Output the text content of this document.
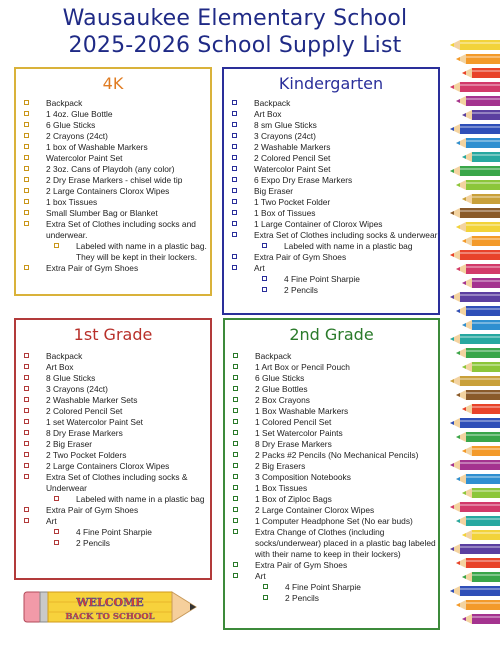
Wausaukee Elementary School
2025-2026 School Supply List
4K
Backpack
1 4oz. Glue Bottle
6 Glue Sticks
2 Crayons (24ct)
1 box of Washable Markers
Watercolor Paint Set
2 3oz. Cans of Playdoh (any color)
2 Dry Erase Markers - chisel wide tip
2 Large Containers Clorox Wipes
1 box Tissues
Small Slumber Bag or Blanket
Extra Set of Clothes including socks and underwear.
Labeled with name in a plastic bag. They will be kept in their lockers.
Extra Pair of Gym Shoes
Kindergarten
Backpack
Art Box
8 sm Glue Sticks
3 Crayons (24ct)
2 Washable Markers
2 Colored Pencil Set
Watercolor Paint Set
6 Expo Dry Erase Markers
Big Eraser
1 Two Pocket Folder
1 Box of Tissues
1 Large Container of Clorox Wipes
Extra Set of Clothes including socks & underwear
Labeled with name in a plastic bag
Extra Pair of Gym Shoes
Art
4 Fine Point Sharpie
2 Pencils
1st Grade
Backpack
Art Box
8 Glue Sticks
3 Crayons (24ct)
2 Washable Marker Sets
2 Colored Pencil Set
1 set Watercolor Paint Set
8 Dry Erase Markers
2 Big Eraser
2 Two Pocket Folders
2 Large Containers Clorox Wipes
Extra Set of Clothes including socks & Underwear
Labeled with name in a plastic bag
Extra Pair of Gym Shoes
Art
4 Fine Point Sharpie
2 Pencils
2nd Grade
Backpack
1 Art Box or Pencil Pouch
6 Glue Sticks
2 Glue Bottles
2 Box Crayons
1 Box Washable Markers
1 Colored Pencil Set
1 Set Watercolor Paints
8 Dry Erase Markers
2 Packs #2 Pencils (No Mechanical Pencils)
2 Big Erasers
3 Composition Notebooks
1 Box Tissues
1 Box of Ziploc Bags
2 Large Container Clorox Wipes
1 Computer Headphone Set (No ear buds)
Extra Change of Clothes (including socks/underwear) placed in a plastic bag labeled with their name to keep in their lockers)
Extra Pair of Gym Shoes
Art
4 Fine Point Sharpie
2 Pencils
WELCOME
BACK TO SCHOOL
